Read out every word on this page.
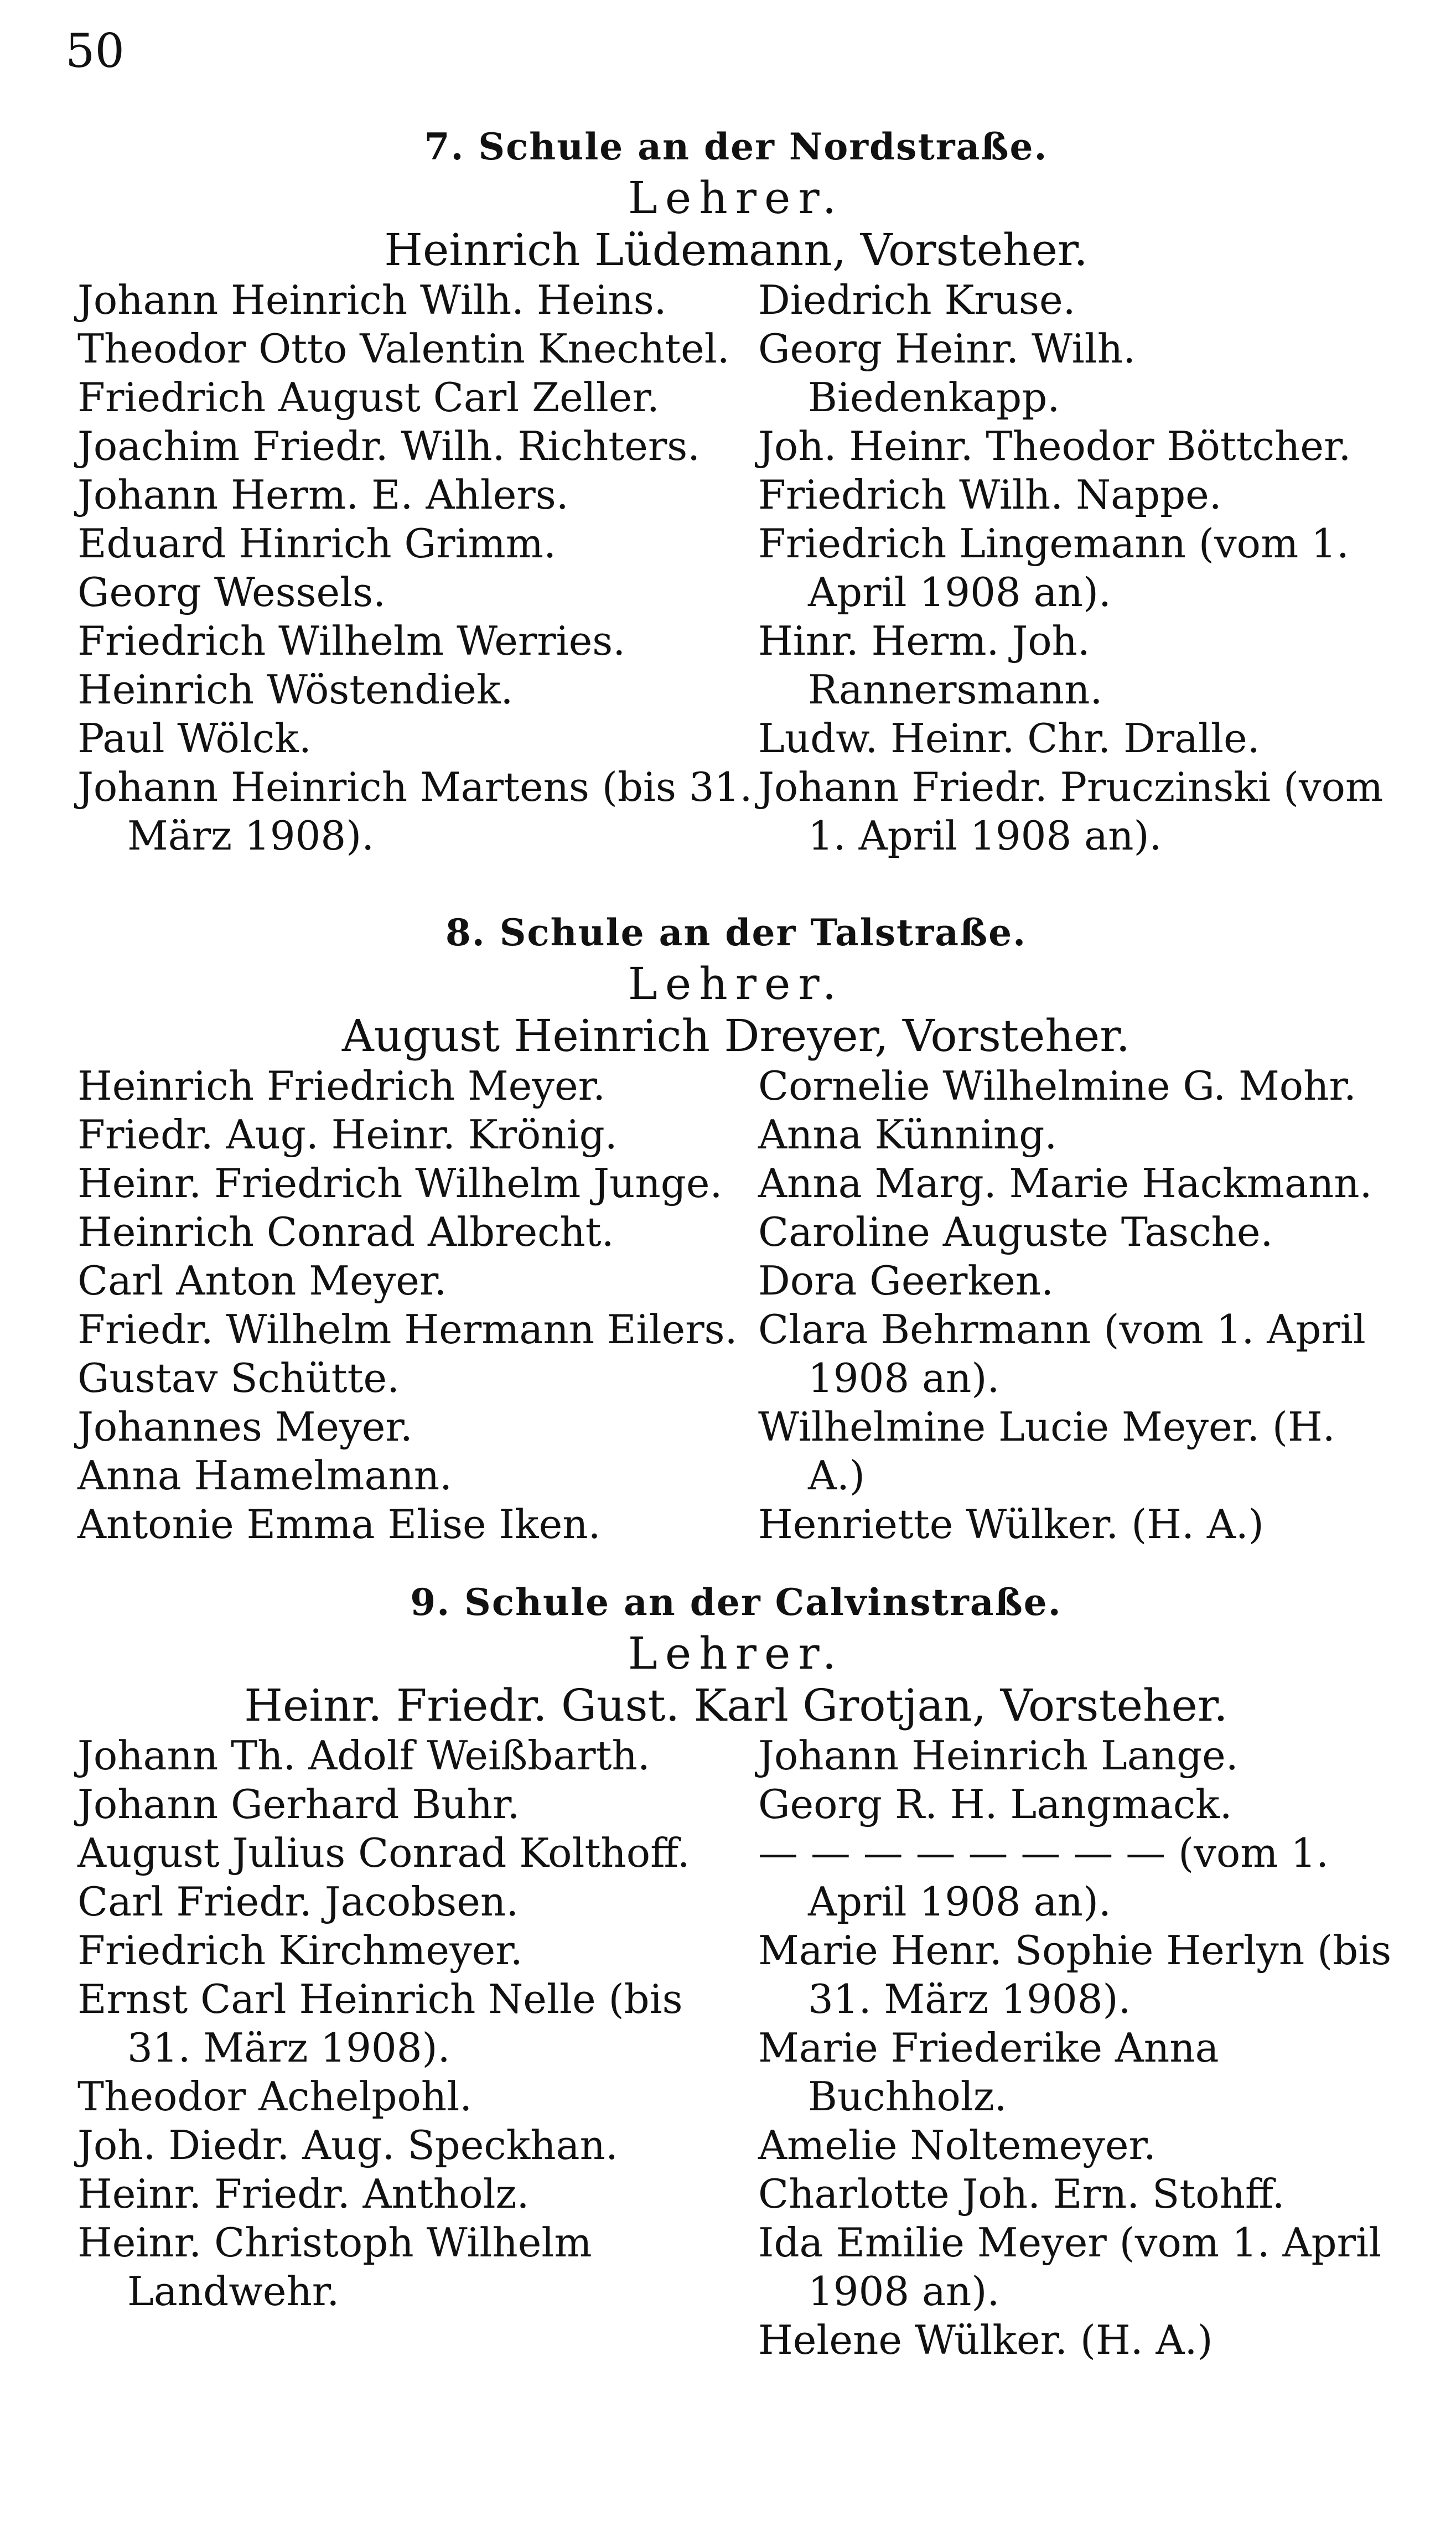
50
7. Schule an der Nordstraße.
Lehrer.
Heinrich Lüdemann, Vorsteher.
Johann Heinrich Wilh. Heins.
Theodor Otto Valentin Knechtel.
Friedrich August Carl Zeller.
Joachim Friedr. Wilh. Richters.
Johann Herm. E. Ahlers.
Eduard Hinrich Grimm.
Georg Wessels.
Friedrich Wilhelm Werries.
Heinrich Wöstendiek.
Paul Wölck.
Johann Heinrich Martens (bis 31. März 1908).
Diedrich Kruse.
Georg Heinr. Wilh. Biedenkapp.
Joh. Heinr. Theodor Böttcher.
Friedrich Wilh. Nappe.
Friedrich Lingemann (vom 1. April 1908 an).
Hinr. Herm. Joh. Rannersmann.
Ludw. Heinr. Chr. Dralle.
Johann Friedr. Pruczinski (vom 1. April 1908 an).
8. Schule an der Talstraße.
Lehrer.
August Heinrich Dreyer, Vorsteher.
Heinrich Friedrich Meyer.
Friedr. Aug. Heinr. Krönig.
Heinr. Friedrich Wilhelm Junge.
Heinrich Conrad Albrecht.
Carl Anton Meyer.
Friedr. Wilhelm Hermann Eilers.
Gustav Schütte.
Johannes Meyer.
Anna Hamelmann.
Antonie Emma Elise Iken.
Cornelie Wilhelmine G. Mohr.
Anna Künning.
Anna Marg. Marie Hackmann.
Caroline Auguste Tasche.
Dora Geerken.
Clara Behrmann (vom 1. April 1908 an).
Wilhelmine Lucie Meyer. (H. A.)
Henriette Wülker. (H. A.)
9. Schule an der Calvinstraße.
Lehrer.
Heinr. Friedr. Gust. Karl Grotjan, Vorsteher.
Johann Th. Adolf Weißbarth.
Johann Gerhard Buhr.
August Julius Conrad Kolthoff.
Carl Friedr. Jacobsen.
Friedrich Kirchmeyer.
Ernst Carl Heinrich Nelle (bis 31. März 1908).
Theodor Achelpohl.
Joh. Diedr. Aug. Speckhan.
Heinr. Friedr. Antholz.
Heinr. Christoph Wilhelm Landwehr.
Johann Heinrich Lange.
Georg R. H. Langmack.
— — — — — — — — (vom 1. April 1908 an).
Marie Henr. Sophie Herlyn (bis 31. März 1908).
Marie Friederike Anna Buchholz.
Amelie Noltemeyer.
Charlotte Joh. Ern. Stohff.
Ida Emilie Meyer (vom 1. April 1908 an).
Helene Wülker. (H. A.)
